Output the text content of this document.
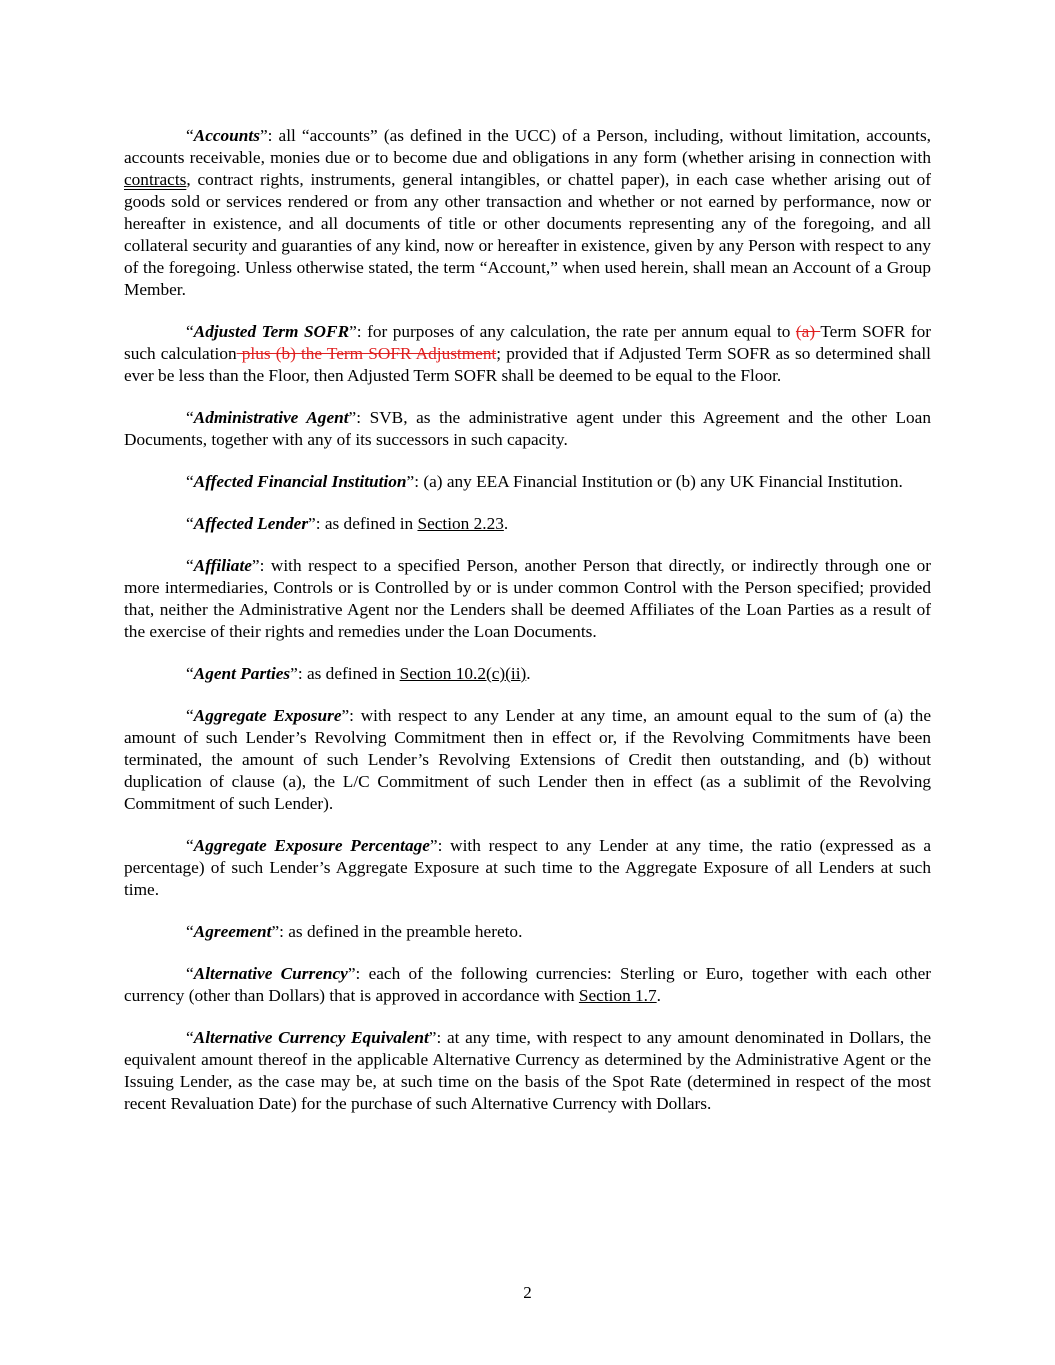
“Accounts”: all “accounts” (as defined in the UCC) of a Person, including, without limitation, accounts, accounts receivable, monies due or to become due and obligations in any form (whether arising in connection with contracts, contract rights, instruments, general intangibles, or chattel paper), in each case whether arising out of goods sold or services rendered or from any other transaction and whether or not earned by performance, now or hereafter in existence, and all documents of title or other documents representing any of the foregoing, and all collateral security and guaranties of any kind, now or hereafter in existence, given by any Person with respect to any of the foregoing. Unless otherwise stated, the term “Account,” when used herein, shall mean an Account of a Group Member.

“Adjusted Term SOFR”: for purposes of any calculation, the rate per annum equal to (a) Term SOFR for such calculation plus (b) the Term SOFR Adjustment; provided that if Adjusted Term SOFR as so determined shall ever be less than the Floor, then Adjusted Term SOFR shall be deemed to be equal to the Floor.

“Administrative Agent”: SVB, as the administrative agent under this Agreement and the other Loan Documents, together with any of its successors in such capacity.

“Affected Financial Institution”: (a) any EEA Financial Institution or (b) any UK Financial Institution.

“Affected Lender”: as defined in Section 2.23.

“Affiliate”: with respect to a specified Person, another Person that directly, or indirectly through one or more intermediaries, Controls or is Controlled by or is under common Control with the Person specified; provided that, neither the Administrative Agent nor the Lenders shall be deemed Affiliates of the Loan Parties as a result of the exercise of their rights and remedies under the Loan Documents.

“Agent Parties”: as defined in Section 10.2(c)(ii).

“Aggregate Exposure”: with respect to any Lender at any time, an amount equal to the sum of (a) the amount of such Lender’s Revolving Commitment then in effect or, if the Revolving Commitments have been terminated, the amount of such Lender’s Revolving Extensions of Credit then outstanding, and (b) without duplication of clause (a), the L/C Commitment of such Lender then in effect (as a sublimit of the Revolving Commitment of such Lender).

“Aggregate Exposure Percentage”: with respect to any Lender at any time, the ratio (expressed as a percentage) of such Lender’s Aggregate Exposure at such time to the Aggregate Exposure of all Lenders at such time.

“Agreement”: as defined in the preamble hereto.

“Alternative Currency”: each of the following currencies: Sterling or Euro, together with each other currency (other than Dollars) that is approved in accordance with Section 1.7.

“Alternative Currency Equivalent”: at any time, with respect to any amount denominated in Dollars, the equivalent amount thereof in the applicable Alternative Currency as determined by the Administrative Agent or the Issuing Lender, as the case may be, at such time on the basis of the Spot Rate (determined in respect of the most recent Revaluation Date) for the purchase of such Alternative Currency with Dollars.

2
